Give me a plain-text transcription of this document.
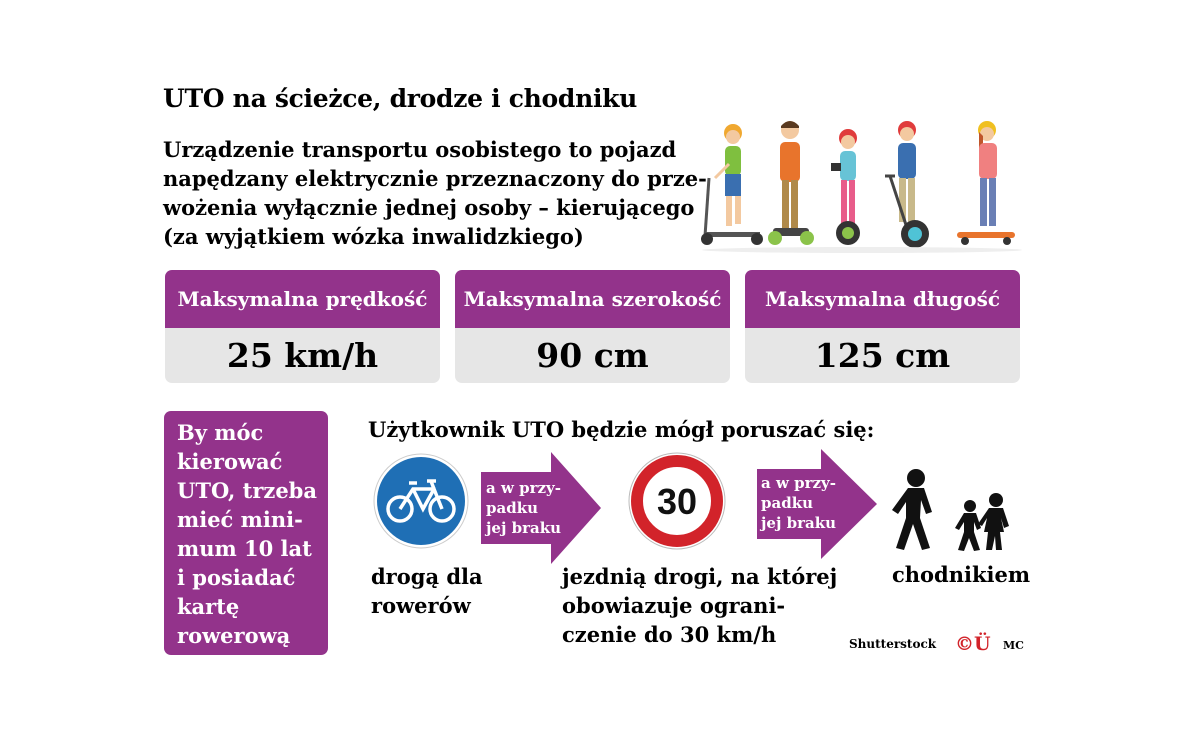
UTO na ścieżce, drodze i chodniku
Urządzenie transportu osobistego to pojazd
napędzany elektrycznie przeznaczony do prze-
wożenia wyłącznie jednej osoby – kierującego
(za wyjątkiem wózka inwalidzkiego)
Maksymalna prędkość
25 km/h
Maksymalna szerokość
90 cm
Maksymalna długość
125 cm
By móc
kierować
UTO, trzeba
mieć mini-
mum 10 lat
i posiadać
kartę
rowerową
Użytkownik UTO będzie mógł poruszać się:
a w przy-
padku
jej braku
30	a w przy-
padku
jej braku
drogą dla
rowerów
jezdnią drogi, na której
obowiazuje ograni-
czenie do 30 km/h
chodnikiem
Shutterstock ©Ü MC
